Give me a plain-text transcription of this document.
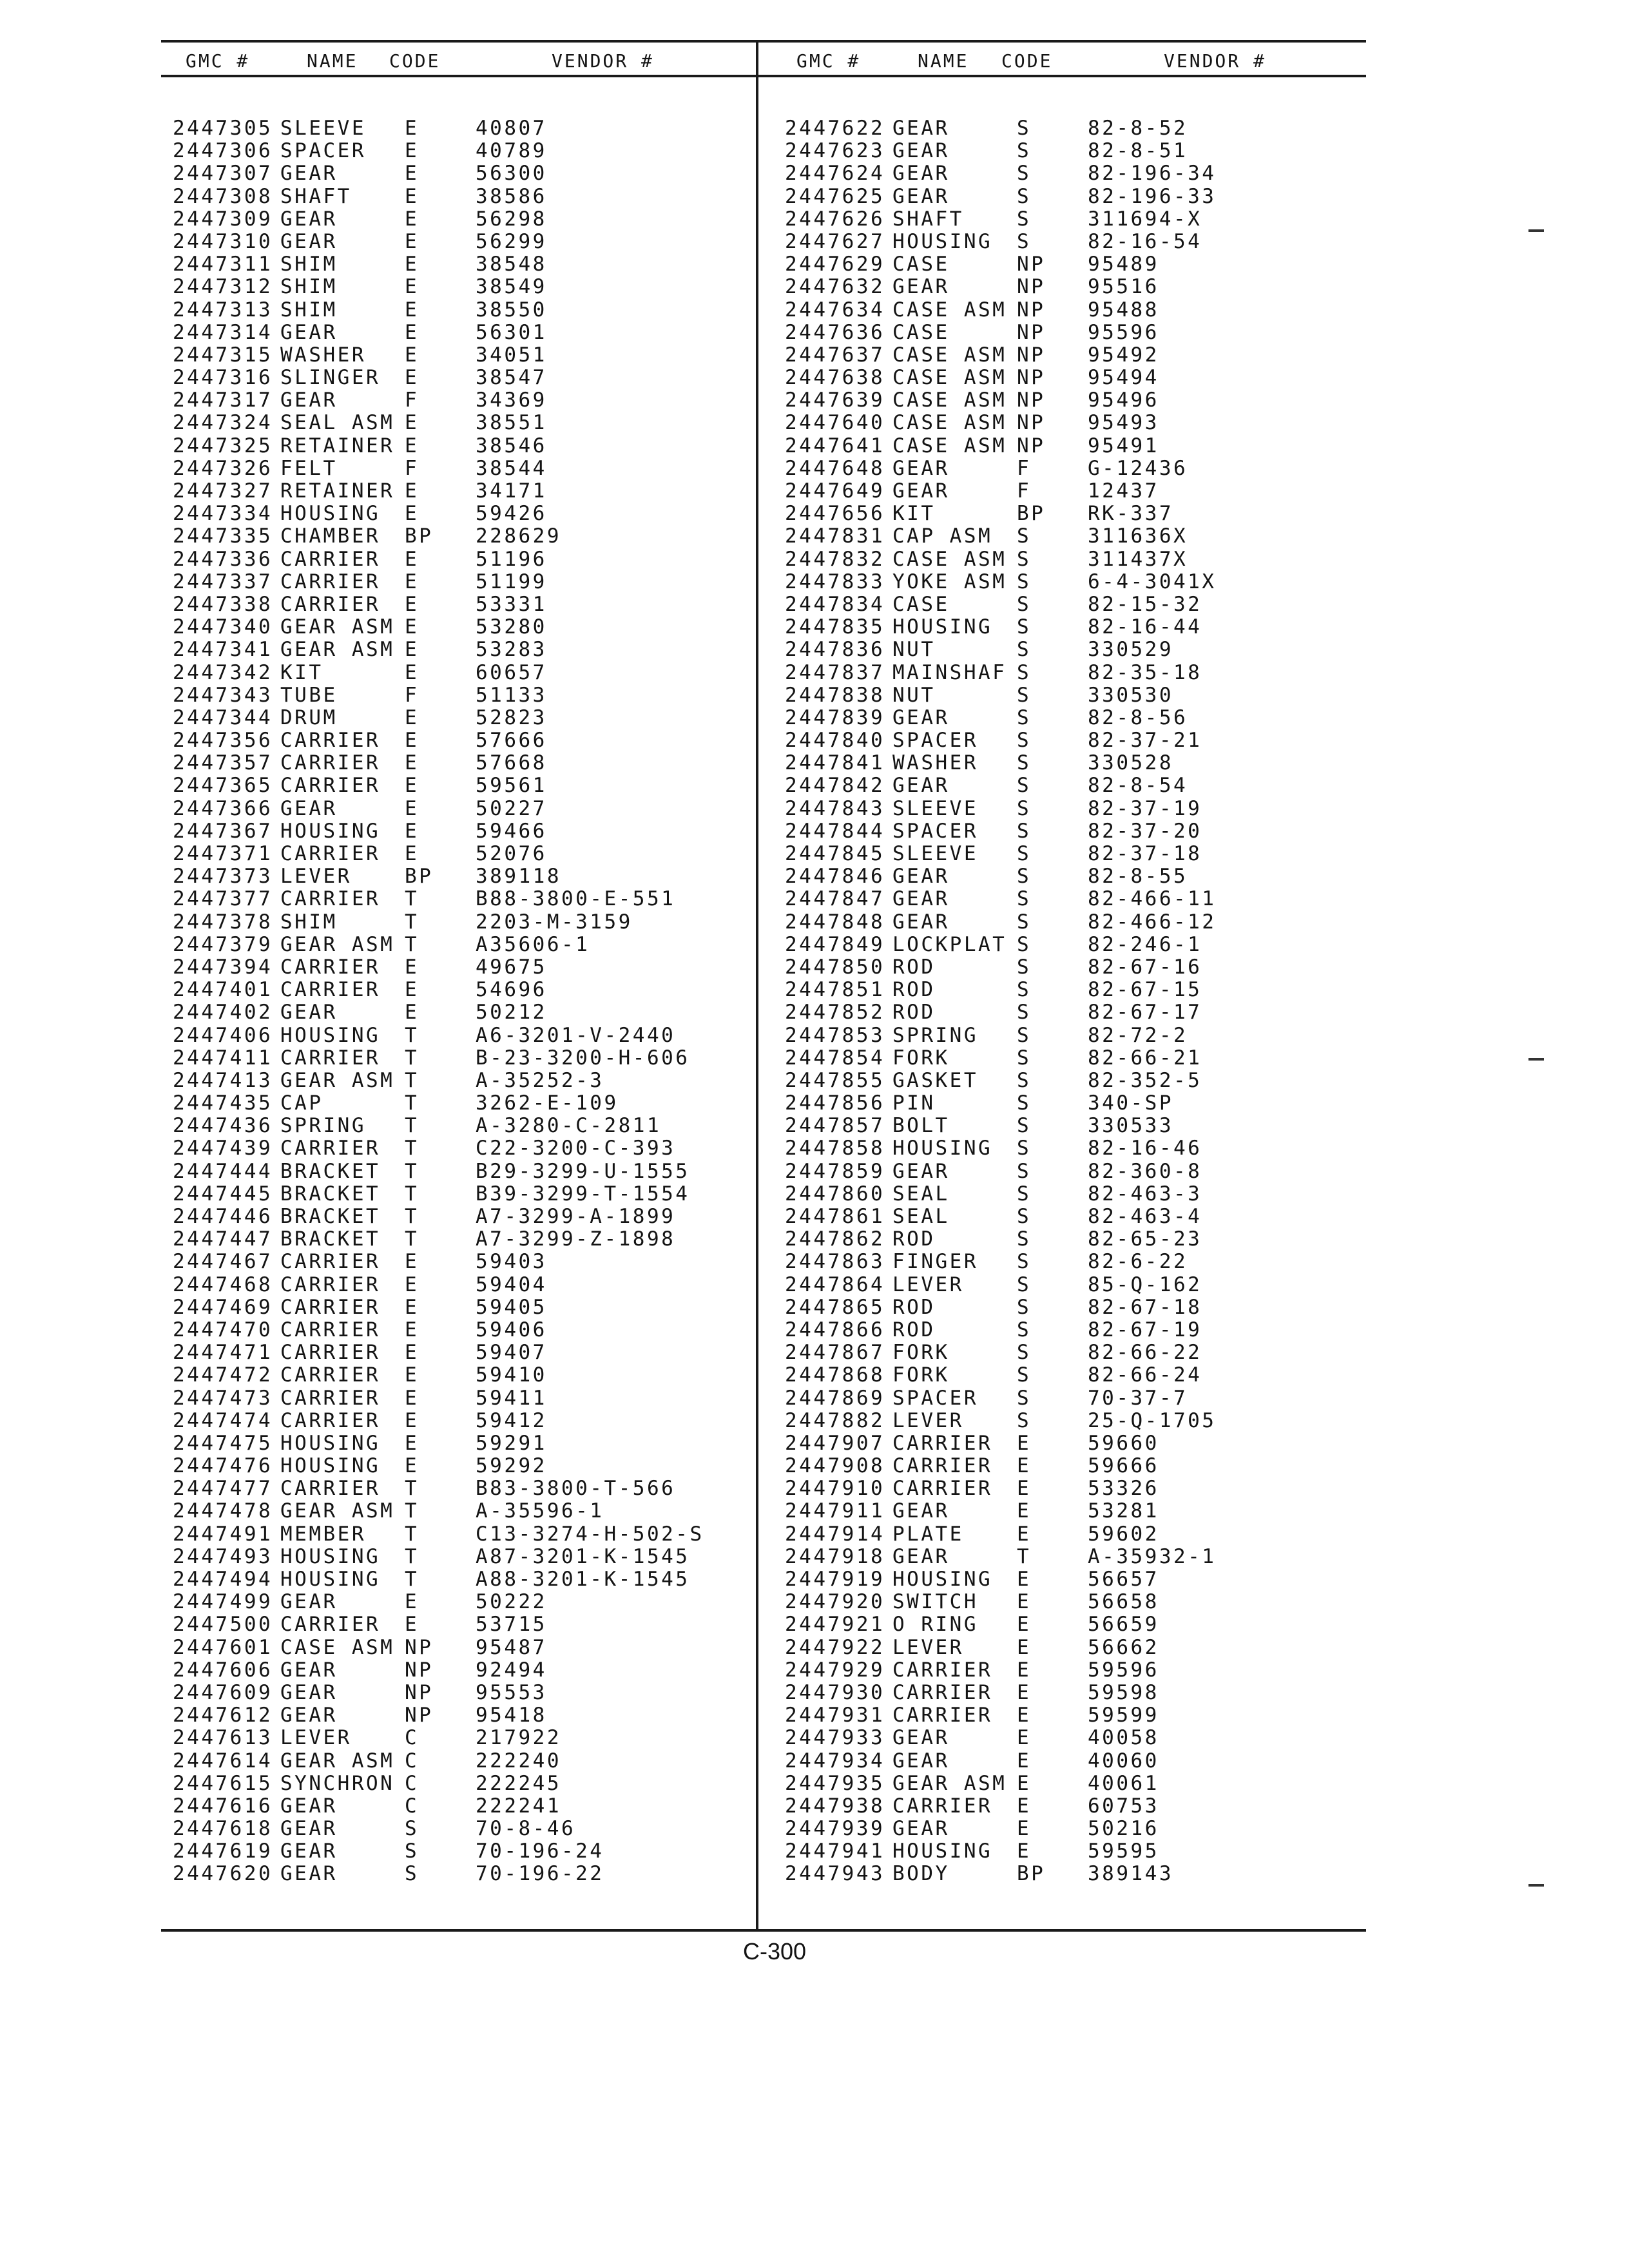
GMC #	NAME CODE	VENDOR #	GMC #	NAME CODE	VENDOR #
2447305 SLEEVE E	40807
2447306 SPACER E	40789
2447307 GEAR	E	56300
2447308 SHAFT	E	38586
2447309 GEAR	E	56298
2447310 GEAR	E	56299
2447311 SHIM	E	38548
2447312 SHIM	E	38549
2447313 SHIM	E	38550
2447314 GEAR	E	56301
2447315 WASHER E	34051
2447316 SLINGER E	38547
2447317 GEAR	F	34369
2447324 SEAL ASM E	38551
2447325 RETAINER E	38546
2447326 FELT	F	38544
2447327 RETAINER E	34171
2447334 HOUSING E	59426
2447335 CHAMBER BP 228629
2447336 CARRIER E	51196
2447337 CARRIER E	51199
2447338 CARRIER E	53331
2447340 GEAR ASM E	53280
2447341 GEAR ASM E	53283
2447342 KIT	E	60657
2447343 TUBE	F	51133
2447344 DRUM	E	52823
2447356 CARRIER E	57666
2447357 CARRIER E	57668
2447365 CARRIER E	59561
2447366 GEAR	E	50227
2447367 HOUSING E	59466
2447371 CARRIER E	52076
2447373 LEVER	BP 389118
2447377 CARRIER T	B88-3800-E-551
2447378 SHIM	T	2203-M-3159
2447379 GEAR ASM T	A35606-1
2447394 CARRIER E	49675
2447401 CARRIER E	54696
2447402 GEAR	E	50212
2447406 HOUSING T	A6-3201-V-2440
2447411 CARRIER T	B-23-3200-H-606
2447413 GEAR ASM T	A-35252-3
2447435 CAP	T	3262-E-109
2447436 SPRING T	A-3280-C-2811
2447439 CARRIER T	C22-3200-C-393
2447444 BRACKET T	B29-3299-U-1555
2447445 BRACKET T	B39-3299-T-1554
2447446 BRACKET T	A7-3299-A-1899
2447447 BRACKET T	A7-3299-Z-1898
2447467 CARRIER E	59403
2447468 CARRIER E	59404
2447469 CARRIER E	59405
2447470 CARRIER E	59406
2447471 CARRIER E	59407
2447472 CARRIER E	59410
2447473 CARRIER E	59411
2447474 CARRIER E	59412
2447475 HOUSING E	59291
2447476 HOUSING E	59292
2447477 CARRIER T	B83-3800-T-566
2447478 GEAR ASM T	A-35596-1
2447491 MEMBER T	C13-3274-H-502-S
2447493 HOUSING T	A87-3201-K-1545
2447494 HOUSING T	A88-3201-K-1545
2447499 GEAR	E	50222
2447500 CARRIER E	53715
2447601 CASE ASM NP 95487
2447606 GEAR	NP 92494
2447609 GEAR	NP 95553
2447612 GEAR	NP 95418
2447613 LEVER	C	217922
2447614 GEAR ASM C	222240
2447615 SYNCHRON C	222245
2447616 GEAR	C	222241
2447618 GEAR	S	70-8-46
2447619 GEAR	S	70-196-24
2447620 GEAR	S	70-196-22
2447622 GEAR	S	82-8-52
2447623 GEAR	S	82-8-51
2447624 GEAR	S	82-196-34
2447625 GEAR	S	82-196-33
2447626 SHAFT	S	311694-X
2447627 HOUSING S	82-16-54
2447629 CASE	NP 95489
2447632 GEAR	NP 95516
2447634 CASE ASM NP 95488
2447636 CASE	NP 95596
2447637 CASE ASM NP 95492
2447638 CASE ASM NP 95494
2447639 CASE ASM NP 95496
2447640 CASE ASM NP 95493
2447641 CASE ASM NP 95491
2447648 GEAR	F	G-12436
2447649 GEAR	F	12437
2447656 KIT	BP RK-337
2447831 CAP ASM S	311636X
2447832 CASE ASM S	311437X
2447833 YOKE ASM S	6-4-3041X
2447834 CASE	S	82-15-32
2447835 HOUSING S	82-16-44
2447836 NUT	S	330529
2447837 MAINSHAF S	82-35-18
2447838 NUT	S	330530
2447839 GEAR	S	82-8-56
2447840 SPACER S	82-37-21
2447841 WASHER S	330528
2447842 GEAR	S	82-8-54
2447843 SLEEVE S	82-37-19
2447844 SPACER S	82-37-20
2447845 SLEEVE S	82-37-18
2447846 GEAR	S	82-8-55
2447847 GEAR	S	82-466-11
2447848 GEAR	S	82-466-12
2447849 LOCKPLAT S	82-246-1
2447850 ROD	S	82-67-16
2447851 ROD	S	82-67-15
2447852 ROD	S	82-67-17
2447853 SPRING S	82-72-2
2447854 FORK	S	82-66-21
2447855 GASKET S	82-352-5
2447856 PIN	S	340-SP
2447857 BOLT	S	330533
2447858 HOUSING S	82-16-46
2447859 GEAR	S	82-360-8
2447860 SEAL	S	82-463-3
2447861 SEAL	S	82-463-4
2447862 ROD	S	82-65-23
2447863 FINGER S	82-6-22
2447864 LEVER	S	85-Q-162
2447865 ROD	S	82-67-18
2447866 ROD	S	82-67-19
2447867 FORK	S	82-66-22
2447868 FORK	S	82-66-24
2447869 SPACER S	70-37-7
2447882 LEVER	S	25-Q-1705
2447907 CARRIER E	59660
2447908 CARRIER E	59666
2447910 CARRIER E	53326
2447911 GEAR	E	53281
2447914 PLATE	E	59602
2447918 GEAR	T	A-35932-1
2447919 HOUSING E	56657
2447920 SWITCH E	56658
2447921 O RING E	56659
2447922 LEVER	E	56662
2447929 CARRIER E	59596
2447930 CARRIER E	59598
2447931 CARRIER E	59599
2447933 GEAR	E	40058
2447934 GEAR	E	40060
2447935 GEAR ASM E	40061
2447938 CARRIER E	60753
2447939 GEAR	E	50216
2447941 HOUSING E	59595
2447943 BODY	BP 389143
C-300
